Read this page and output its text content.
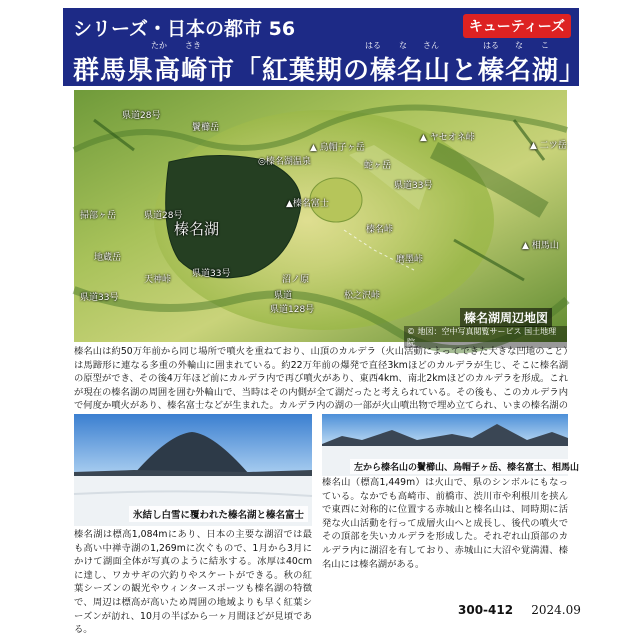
シリーズ・日本の都市 56	キューティーズ
たか さき	はる な さん	はる な こ
群馬県高崎市「紅葉期の榛名山と榛名湖」
榛名湖
県道28号
鬢櫛岳
◎榛名湖温泉	蛇ヶ岳
▲榛名富士
▲ 烏帽子ヶ岳
▲ ヤセオネ峠
▲ 二ツ岳
▲ 相馬山
県道33号
掃部ヶ岳	県道28号
天神峠
県道33号
沼ノ原
磨墨峠
松之沢峠
県道128号
県道33号
榛名峠
地蔵岳
県道
榛名湖周辺地図
© 地図：空中写真閲覧サービス 国土地理院
榛名山は約50万年前から同じ場所で噴火を重ねており、山頂のカルデラ（火山活動によってできた大きな凹地のこと）は馬蹄形に連なる多重の外輪山に囲まれている。約22万年前の爆発で直径3kmほどのカルデラが生じ、そこに榛名湖の原型ができ、その後4万年ほど前にカルデラ内で再び噴火があり、東西4km、南北2kmほどのカルデラを形成。これが現在の榛名湖の周囲を囲む外輪山で、当時はその内側が全て湖だったと考えられている。その後も、このカルデラ内で何度か噴火があり、榛名富士などが生まれた。カルデラ内の湖の一部が火山噴出物で埋め立てられ、いまの榛名湖の
氷結し白雪に覆われた榛名湖と榛名富士
左から榛名山の鬢櫛山、烏帽子ヶ岳、榛名富士、相馬山
榛名湖は標高1,084mにあり、日本の主要な湖沼では最も高い中禅寺湖の1,269mに次ぐもので、1月から3月にかけて湖面全体が写真のように結氷する。冰厚は40cmに達し、ワカサギの穴釣りやスケートができる。秋の紅葉シーズンの観光やウィンタースポーツも榛名湖の特徴で、周辺は標高が高いため周囲の地域よりも早く紅葉シーズンが訪れ、10月の半ばから一ヶ月間ほどが見頃である。
榛名山（標高1,449m）は火山で、県のシンボルにもなっている。なかでも高崎市、前橋市、渋川市や利根川を挟んで東西に対称的に位置する赤城山と榛名山は、同時期に活発な火山活動を行って成層火山へと成長し、後代の噴火でその頂部を失いカルデラを形成した。それぞれ山頂部のカルデラ内に湖沼を有しており、赤城山に大沼や覚満淵、榛名山には榛名湖がある。
300-412 2024.09
